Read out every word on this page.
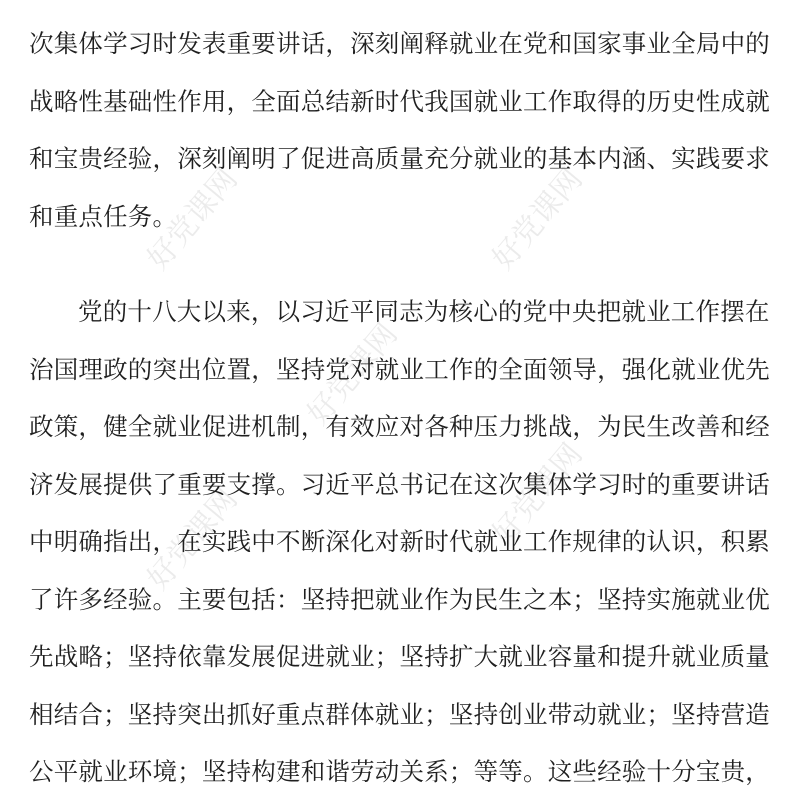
好党课网	好党课网
好党课网
好党课网	好党课网
次集体学习时发表重要讲话，深刻阐释就业在党和国家事业全局中的
战略性基础性作用，全面总结新时代我国就业工作取得的历史性成就
和宝贵经验，深刻阐明了促进高质量充分就业的基本内涵、实践要求
和重点任务。
党的十八大以来，以习近平同志为核心的党中央把就业工作摆在
治国理政的突出位置，坚持党对就业工作的全面领导，强化就业优先
政策，健全就业促进机制，有效应对各种压力挑战，为民生改善和经
济发展提供了重要支撑。习近平总书记在这次集体学习时的重要讲话
中明确指出，在实践中不断深化对新时代就业工作规律的认识，积累
了许多经验。主要包括：坚持把就业作为民生之本；坚持实施就业优
先战略；坚持依靠发展促进就业；坚持扩大就业容量和提升就业质量
相结合；坚持突出抓好重点群体就业；坚持创业带动就业；坚持营造
公平就业环境；坚持构建和谐劳动关系；等等。这些经验十分宝贵，
